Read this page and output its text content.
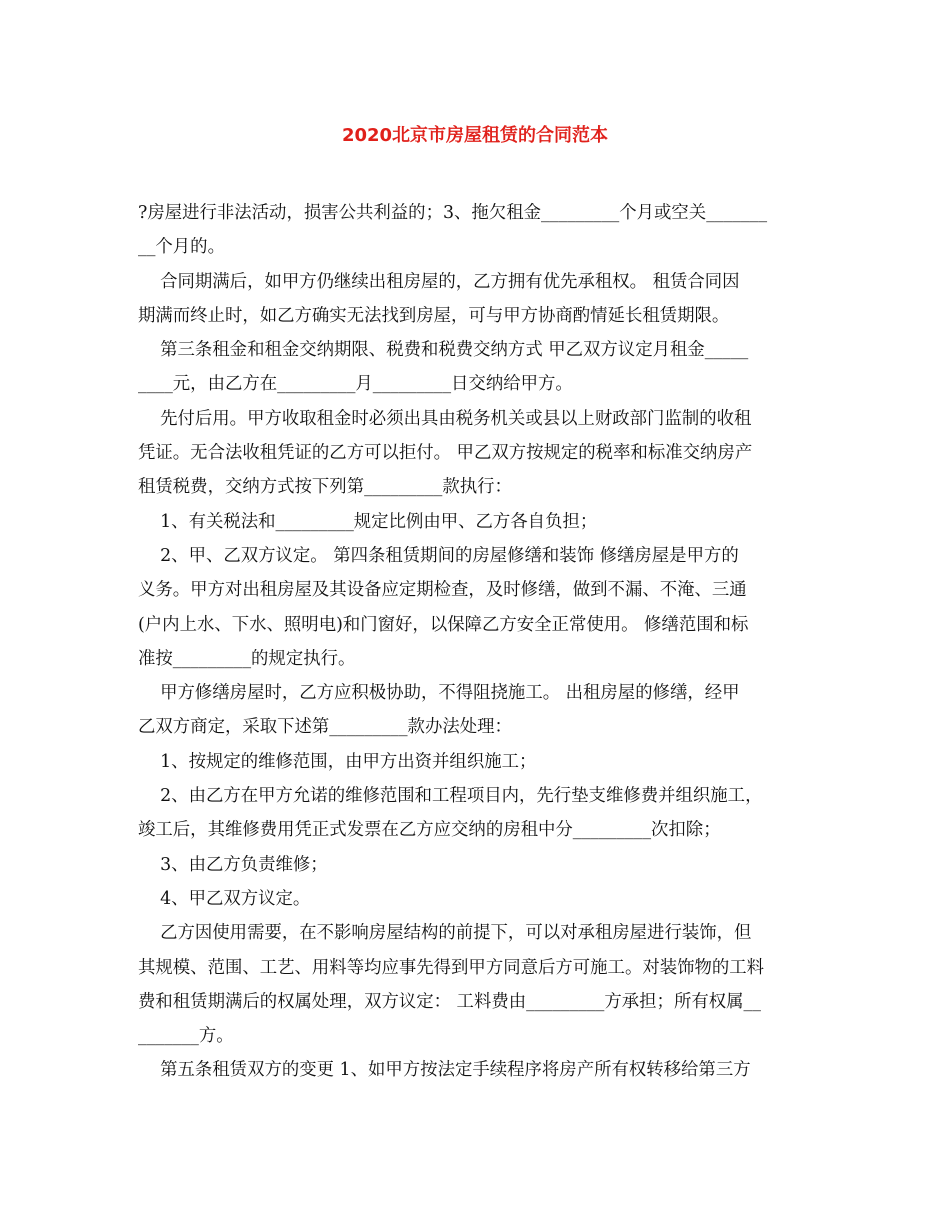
2020北京市房屋租赁的合同范本
?房屋进行非法活动，损害公共利益的；3、拖欠租金_________个月或空关_______
__个月的。
合同期满后，如甲方仍继续出租房屋的，乙方拥有优先承租权。 租赁合同因
期满而终止时，如乙方确实无法找到房屋，可与甲方协商酌情延长租赁期限。
第三条租金和租金交纳期限、税费和税费交纳方式 甲乙双方议定月租金_____
____元，由乙方在_________月_________日交纳给甲方。
先付后用。甲方收取租金时必须出具由税务机关或县以上财政部门监制的收租
凭证。无合法收租凭证的乙方可以拒付。 甲乙双方按规定的税率和标准交纳房产
租赁税费，交纳方式按下列第_________款执行：
1、有关税法和_________规定比例由甲、乙方各自负担；
2、甲、乙双方议定。 第四条租赁期间的房屋修缮和装饰 修缮房屋是甲方的
义务。甲方对出租房屋及其设备应定期检查，及时修缮，做到不漏、不淹、三通
(户内上水、下水、照明电)和门窗好，以保障乙方安全正常使用。 修缮范围和标
准按_________的规定执行。
甲方修缮房屋时，乙方应积极协助，不得阻挠施工。 出租房屋的修缮，经甲
乙双方商定，采取下述第_________款办法处理：
1、按规定的维修范围，由甲方出资并组织施工；
2、由乙方在甲方允诺的维修范围和工程项目内，先行垫支维修费并组织施工，
竣工后，其维修费用凭正式发票在乙方应交纳的房租中分_________次扣除；
3、由乙方负责维修；
4、甲乙双方议定。
乙方因使用需要，在不影响房屋结构的前提下，可以对承租房屋进行装饰，但
其规模、范围、工艺、用料等均应事先得到甲方同意后方可施工。对装饰物的工料
费和租赁期满后的权属处理，双方议定： 工料费由_________方承担；所有权属__
_______方。
第五条租赁双方的变更 1、如甲方按法定手续程序将房产所有权转移给第三方
